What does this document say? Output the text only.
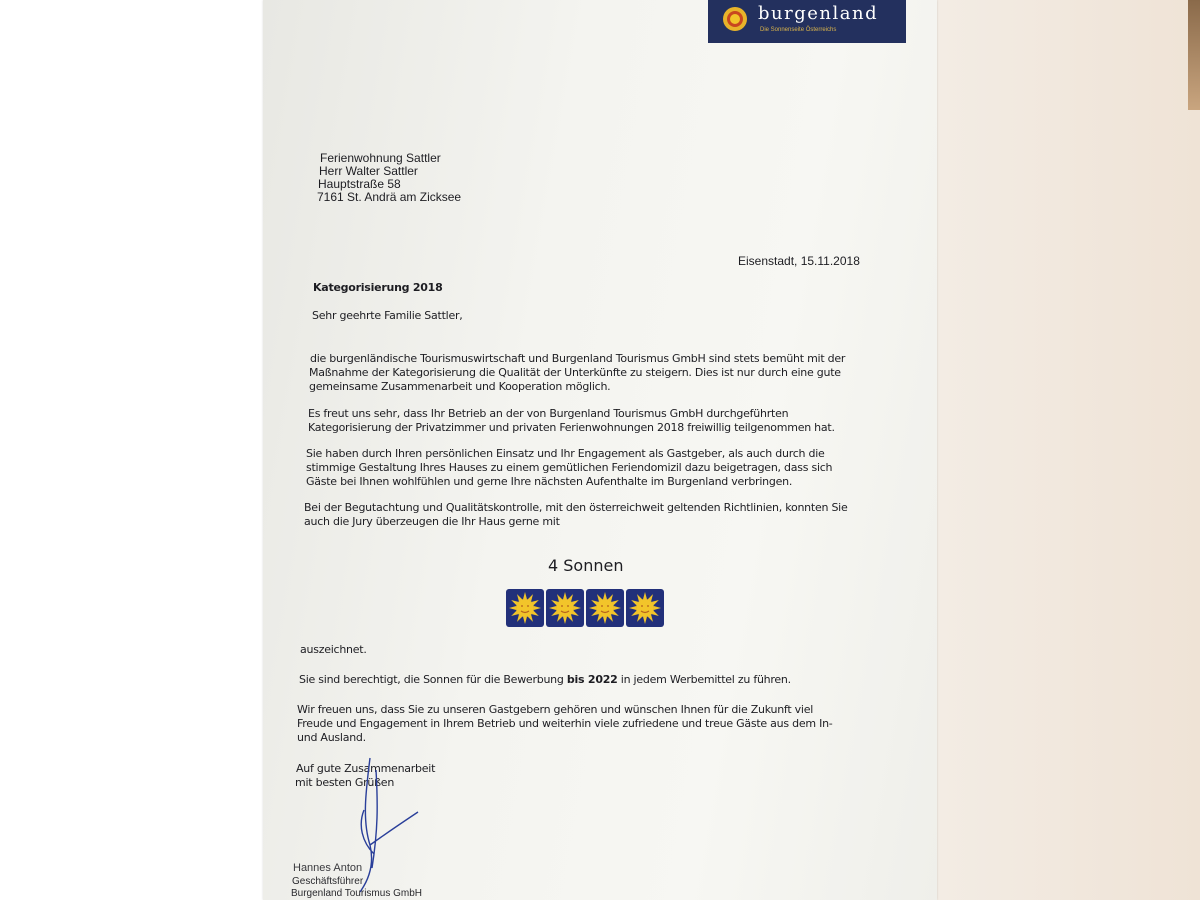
burgenland
Die Sonnenseite Österreichs
Ferienwohnung Sattler
Herr Walter Sattler
Hauptstraße 58
7161 St. Andrä am Zicksee
Eisenstadt, 15.11.2018
Kategorisierung 2018
Sehr geehrte Familie Sattler,
die burgenländische Tourismuswirtschaft und Burgenland Tourismus GmbH sind stets bemüht mit der
Maßnahme der Kategorisierung die Qualität der Unterkünfte zu steigern. Dies ist nur durch eine gute
gemeinsame Zusammenarbeit und Kooperation möglich.
Es freut uns sehr, dass Ihr Betrieb an der von Burgenland Tourismus GmbH durchgeführten
Kategorisierung der Privatzimmer und privaten Ferienwohnungen 2018 freiwillig teilgenommen hat.
Sie haben durch Ihren persönlichen Einsatz und Ihr Engagement als Gastgeber, als auch durch die
stimmige Gestaltung Ihres Hauses zu einem gemütlichen Feriendomizil dazu beigetragen, dass sich
Gäste bei Ihnen wohlfühlen und gerne Ihre nächsten Aufenthalte im Burgenland verbringen.
Bei der Begutachtung und Qualitätskontrolle, mit den österreichweit geltenden Richtlinien, konnten Sie
auch die Jury überzeugen die Ihr Haus gerne mit
4 Sonnen
auszeichnet.
Sie sind berechtigt, die Sonnen für die Bewerbung bis 2022 in jedem Werbemittel zu führen.
Wir freuen uns, dass Sie zu unseren Gastgebern gehören und wünschen Ihnen für die Zukunft viel
Freude und Engagement in Ihrem Betrieb und weiterhin viele zufriedene und treue Gäste aus dem In-
und Ausland.
Auf gute Zusammenarbeit
mit besten Grüßen
Hannes Anton
Geschäftsführer
Burgenland Tourismus GmbH
